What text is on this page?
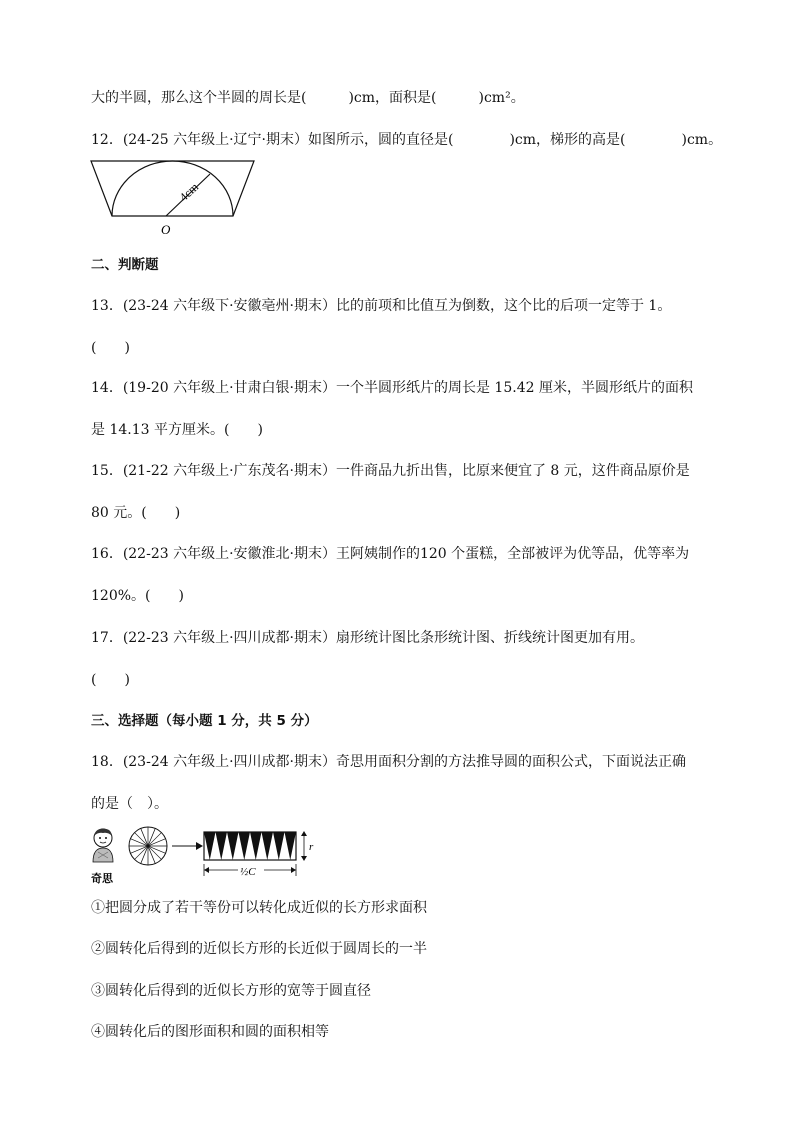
大的半圆，那么这个半圆的周长是(　　　)cm，面积是(　　　)cm²。
12．(24-25 六年级上·辽宁·期末）如图所示，圆的直径是(　　　　)cm，梯形的高是(　　　　)cm。
4cm
O
二、判断题
13．(23-24 六年级下·安徽亳州·期末）比的前项和比值互为倒数，这个比的后项一定等于 1。
(　　)
14．(19-20 六年级上·甘肃白银·期末）一个半圆形纸片的周长是 15.42 厘米，半圆形纸片的面积
是 14.13 平方厘米。(　　)
15．(21-22 六年级上·广东茂名·期末）一件商品九折出售，比原来便宜了 8 元，这件商品原价是
80 元。(　　)
16．(22-23 六年级上·安徽淮北·期末）王阿姨制作的120 个蛋糕，全部被评为优等品，优等率为
120%。(　　)
17．(22-23 六年级上·四川成都·期末）扇形统计图比条形统计图、折线统计图更加有用。
(　　)
三、选择题（每小题 1 分，共 5 分）
18．(23-24 六年级上·四川成都·期末）奇思用面积分割的方法推导圆的面积公式，下面说法正确
的是（　）。
奇思
r
½C
①把圆分成了若干等份可以转化成近似的长方形求面积
②圆转化后得到的近似长方形的长近似于圆周长的一半
③圆转化后得到的近似长方形的宽等于圆直径
④圆转化后的图形面积和圆的面积相等
